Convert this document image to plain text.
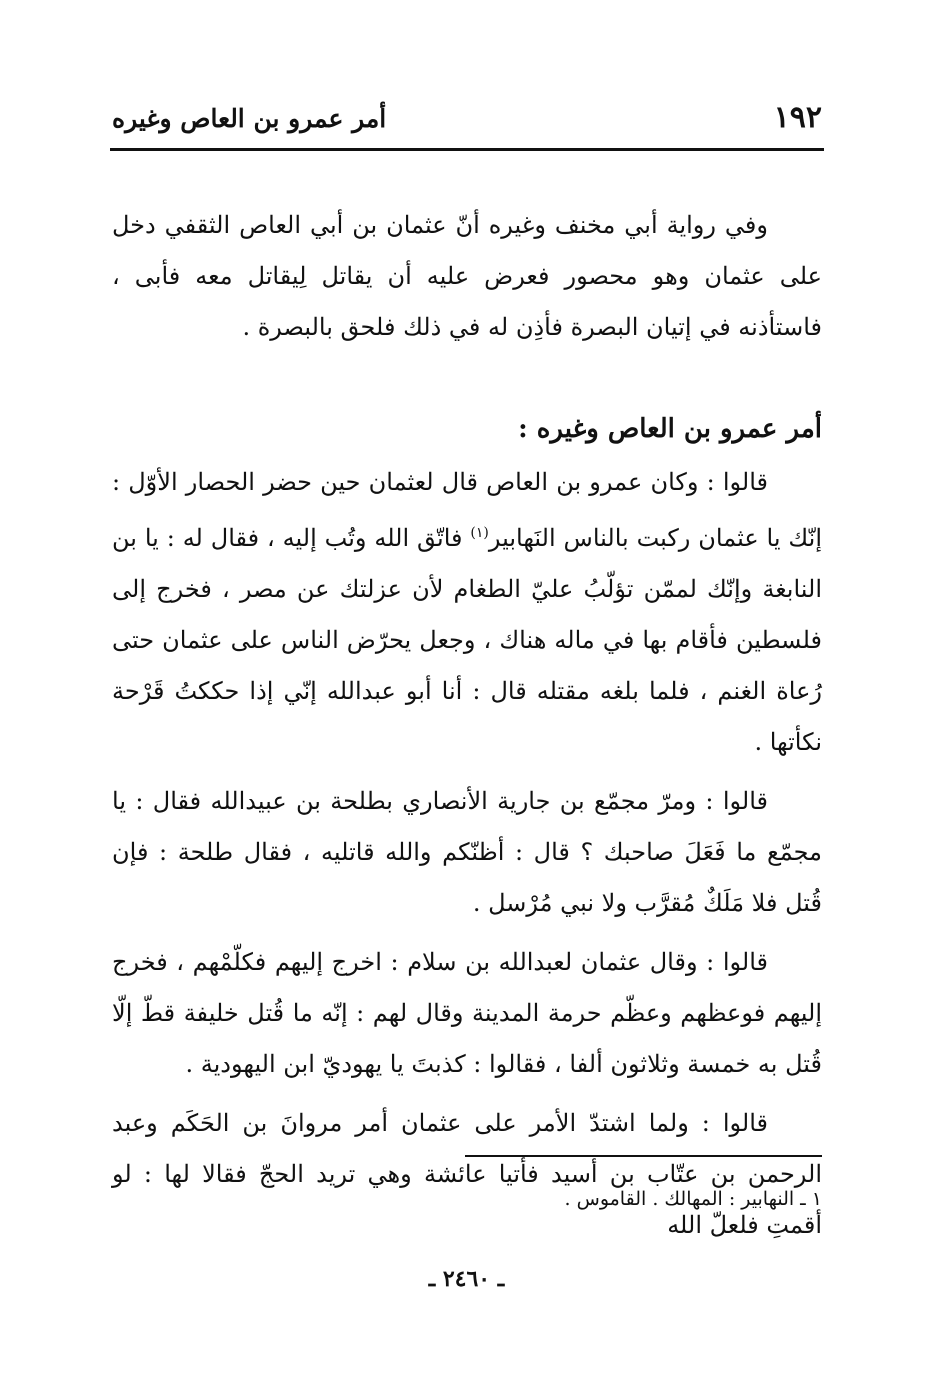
١٩٢
أمر عمرو بن العاص وغيره

وفي رواية أبي مخنف وغيره أنّ عثمان بن أبي العاص الثقفي دخل على عثمان وهو محصور فعرض عليه أن يقاتل لِيقاتل معه فأبى ، فاستأذنه في إتيان البصرة فأذِن له في ذلك فلحق بالبصرة .

أمر عمرو بن العاص وغيره :

قالوا : وكان عمرو بن العاص قال لعثمان حين حضر الحصار الأوّل : إنّك يا عثمان ركبت بالناس النَهابير$^{(١)}$ فاتّق الله وتُب إليه ، فقال له : يا بن النابغة وإنّك لممّن تؤلّبُ عليّ الطغام لأن عزلتك عن مصر ، فخرج إلى فلسطين فأقام بها في ماله هناك ، وجعل يحرّض الناس على عثمان حتى رُعاة الغنم ، فلما بلغه مقتله قال : أنا أبو عبدالله إنّي إذا حككتُ قَرْحة نكأتها .

قالوا : ومرّ مجمّع بن جارية الأنصاري بطلحة بن عبيدالله فقال : يا مجمّع ما فَعَلَ صاحبك ؟ قال : أظنّكم والله قاتليه ، فقال طلحة : فإن قُتل فلا مَلَكٌ مُقرَّب ولا نبي مُرْسل .

قالوا : وقال عثمان لعبدالله بن سلام : اخرج إليهم فكلّمْهم ، فخرج إليهم فوعظهم وعظّم حرمة المدينة وقال لهم : إنّه ما قُتل خليفة قطّ إلّا قُتل به خمسة وثلاثون ألفا ، فقالوا : كذبتَ يا يهوديّ ابن اليهودية .

قالوا : ولما اشتدّ الأمر على عثمان أمر مروانَ بن الحَكَم وعبد الرحمن بن عتّاب بن أسيد فأتيا عائشة وهي تريد الحجّ فقالا لها : لو أقمتِ فلعلّ الله

١ ـ النهابير : المهالك . القاموس .
ـ ٢٤٦٠ ـ
